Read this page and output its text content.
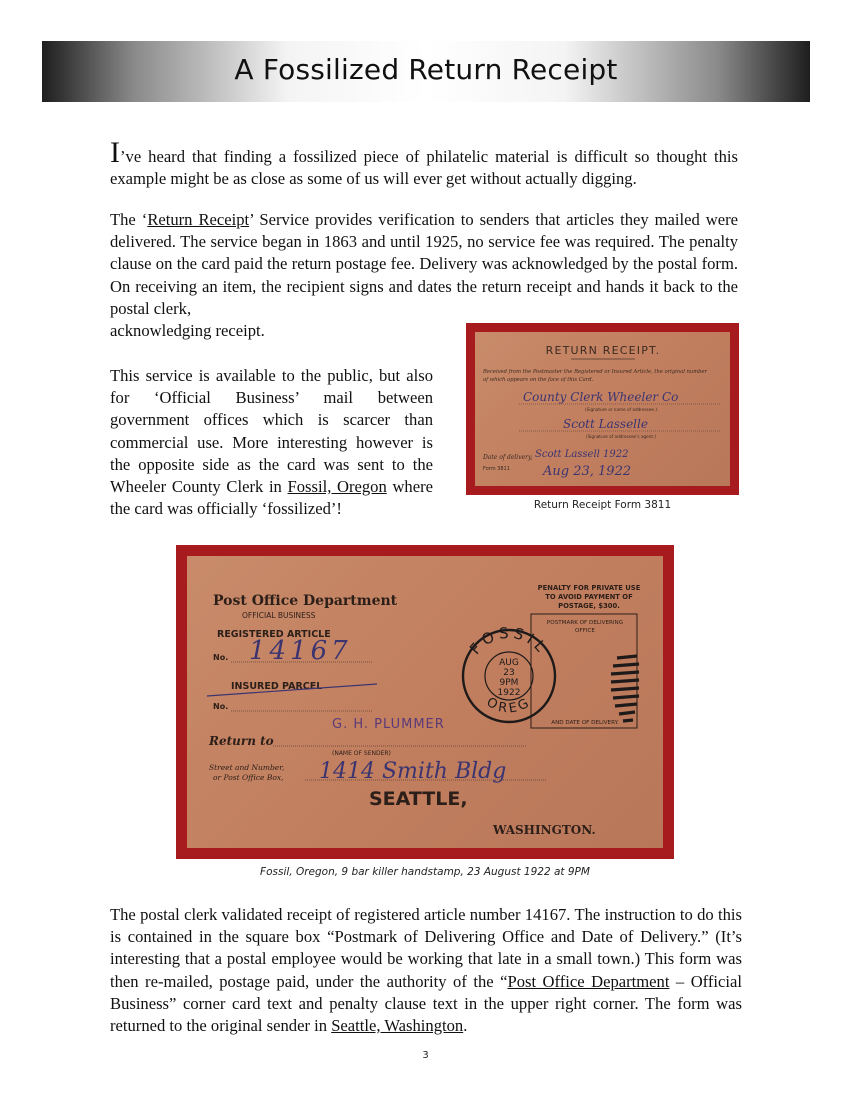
A Fossilized Return Receipt

I’ve heard that finding a fossilized piece of philatelic material is difficult so thought this example might be as close as some of us will ever get without actually digging.

The ‘Return Receipt’ Service provides verification to senders that articles they mailed were delivered. The service began in 1863 and until 1925, no service fee was required. The penalty clause on the card paid the return postage fee. Delivery was acknowledged by the postal form. On receiving an item, the recipient signs and dates the return receipt and hands it back to the postal clerk,

acknowledging receipt.

This service is available to the public, but also for ‘Official Business’ mail between government offices which is scarcer than commercial use. More interesting however is the opposite side as the card was sent to the Wheeler County Clerk in Fossil, Oregon where the card was officially ‘fossilized’!

RETURN RECEIPT.
Received from the Postmaster the Registered or Insured Article, the original number
of which appears on the face of this Card.
County Clerk Wheeler Co
(Signature or name of addressee.)
Scott Lasselle
(Signature of addressee’s agent.)
Date of delivery, Scott Lassell 1922
Form 3811	Aug 23, 1922
Return Receipt Form 3811
Post Office Department
OFFICIAL BUSINESS
REGISTERED ARTICLE
No. 14167
INSURED PARCEL
No.
G. H. PLUMMER
Return to
(NAME OF SENDER)
Street and Number,
or Post Office Box, 1414 Smith Bldg
SEATTLE,
WASHINGTON.
PENALTY FOR PRIVATE USE
TO AVOID PAYMENT OF
POSTAGE, $300.
POSTMARK OF DELIVERING
OFFICE
AND DATE OF DELIVERY.
FOSSIL
OREG
AUG
23
9PM
1922
Fossil, Oregon, 9 bar killer handstamp, 23 August 1922 at 9PM

The postal clerk validated receipt of registered article number 14167. The instruction to do this is contained in the square box “Postmark of Delivering Office and Date of Delivery.” (It’s interesting that a postal employee would be working that late in a small town.) This form was then re-mailed, postage paid, under the authority of the “Post Office Department – Official Business” corner card text and penalty clause text in the upper right corner. The form was returned to the original sender in Seattle, Washington.

3
